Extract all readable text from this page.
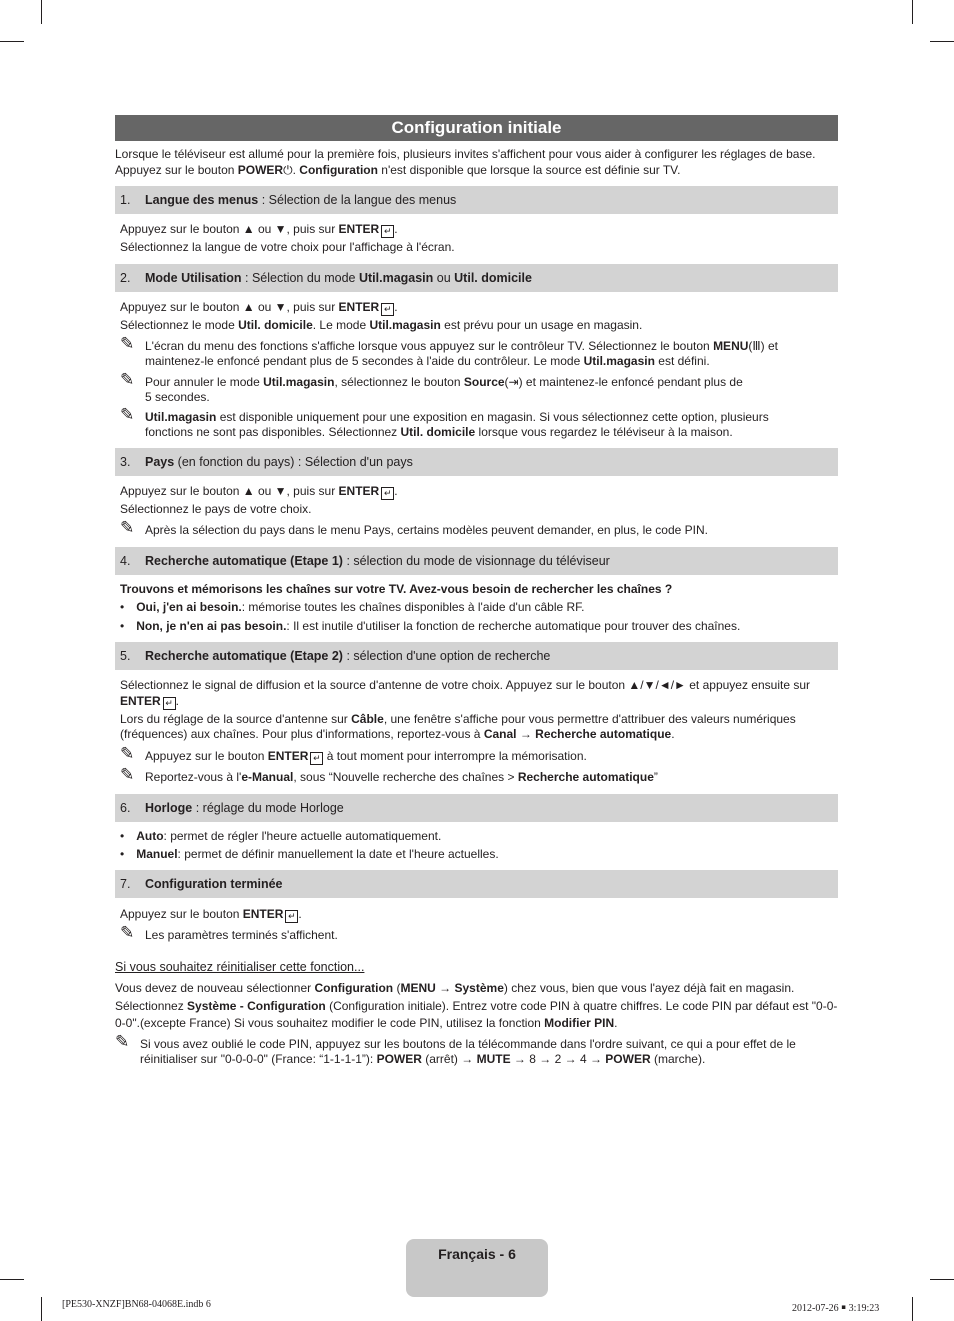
Configuration initiale
Lorsque le téléviseur est allumé pour la première fois, plusieurs invites s'affichent pour vous aider à configurer les réglages de base.
Appuyez sur le bouton POWER⏻. Configuration n'est disponible que lorsque la source est définie sur TV.
1. Langue des menus : Sélection de la langue des menus
Appuyez sur le bouton ▲ ou ▼, puis sur ENTER ↵ .
Sélectionnez la langue de votre choix pour l'affichage à l'écran.
2. Mode Utilisation : Sélection du mode Util.magasin ou Util. domicile
Appuyez sur le bouton ▲ ou ▼, puis sur ENTER ↵ .
Sélectionnez le mode Util. domicile. Le mode Util.magasin est prévu pour un usage en magasin.
✎ L'écran du menu des fonctions s'affiche lorsque vous appuyez sur le contrôleur TV. Sélectionnez le bouton MENU(Ⅲ) et
maintenez-le enfoncé pendant plus de 5 secondes à l'aide du contrôleur. Le mode Util.magasin est défini.
✎ Pour annuler le mode Util.magasin, sélectionnez le bouton Source(⇥) et maintenez-le enfoncé pendant plus de
5 secondes.
✎ Util.magasin est disponible uniquement pour une exposition en magasin. Si vous sélectionnez cette option, plusieurs
fonctions ne sont pas disponibles. Sélectionnez Util. domicile lorsque vous regardez le téléviseur à la maison.
3. Pays (en fonction du pays) : Sélection d'un pays
Appuyez sur le bouton ▲ ou ▼, puis sur ENTER ↵ .
Sélectionnez le pays de votre choix.
✎ Après la sélection du pays dans le menu Pays, certains modèles peuvent demander, en plus, le code PIN.
4. Recherche automatique (Etape 1) : sélection du mode de visionnage du téléviseur
Trouvons et mémorisons les chaînes sur votre TV. Avez-vous besoin de rechercher les chaînes ?
• Oui, j'en ai besoin.: mémorise toutes les chaînes disponibles à l'aide d'un câble RF.
• Non, je n'en ai pas besoin.: Il est inutile d'utiliser la fonction de recherche automatique pour trouver des chaînes.
5. Recherche automatique (Etape 2) : sélection d'une option de recherche
Sélectionnez le signal de diffusion et la source d'antenne de votre choix. Appuyez sur le bouton ▲/▼/◄/► et appuyez ensuite sur
ENTER ↵ .
Lors du réglage de la source d'antenne sur Câble, une fenêtre s'affiche pour vous permettre d'attribuer des valeurs numériques
(fréquences) aux chaînes. Pour plus d'informations, reportez-vous à Canal → Recherche automatique.
✎ Appuyez sur le bouton ENTER ↵ à tout moment pour interrompre la mémorisation.
✎ Reportez-vous à l'e-Manual, sous “Nouvelle recherche des chaînes > Recherche automatique”
6. Horloge : réglage du mode Horloge
• Auto: permet de régler l'heure actuelle automatiquement.
• Manuel: permet de définir manuellement la date et l'heure actuelles.
7. Configuration terminée
Appuyez sur le bouton ENTER ↵ .
✎ Les paramètres terminés s'affichent.
Si vous souhaitez réinitialiser cette fonction...
Vous devez de nouveau sélectionner Configuration (MENU → Système) chez vous, bien que vous l'ayez déjà fait en magasin.
Sélectionnez Système - Configuration (Configuration initiale). Entrez votre code PIN à quatre chiffres. Le code PIN par défaut est "0-0-
0-0".(excepte France) Si vous souhaitez modifier le code PIN, utilisez la fonction Modifier PIN.
✎ Si vous avez oublié le code PIN, appuyez sur les boutons de la télécommande dans l'ordre suivant, ce qui a pour effet de le
réinitialiser sur "0-0-0-0" (France: “1-1-1-1”): POWER (arrêt) → MUTE → 8 → 2 → 4 → POWER (marche).
Français - 6
[PE530-XNZF]BN68-04068E.indb 6	2012-07-26 ￭ 3:19:23
